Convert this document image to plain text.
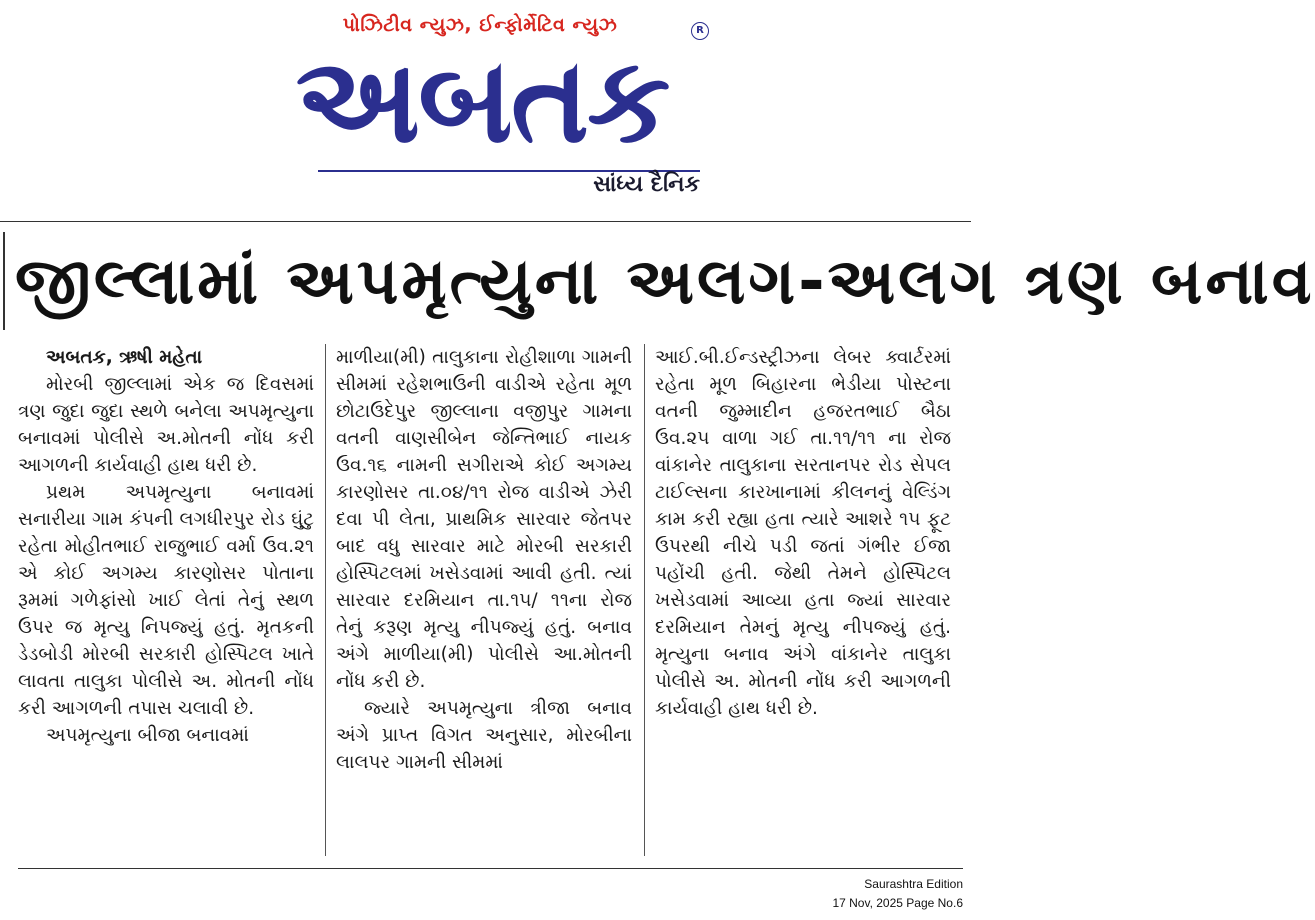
પોઝિટીવ ન્યુઝ, ઈન્ફોર્મેટિવ ન્યુઝ	R
અબતક
સાંધ્ય દૈનિક
જીલ્લામાં અપમૃત્યુના અલગ-અલગ ત્રણ બનાવ
અબતક, ઋષી મહેતા

મોરબી જીલ્લામાં એક જ દિવસમાં ત્રણ જુદા જુદા સ્થળે બનેલા અપમૃત્યુના બનાવમાં પોલીસે અ.મોતની નોંધ કરી આગળની કાર્યવાહી હાથ ધરી છે.

પ્રથમ અપમૃત્યુના બનાવમાં સનારીયા ગામ કંપની લગધીરપુર રોડ ઘુંટુ રહેતા મોહીતભાઈ રાજુભાઈ વર્મા ઉવ.૨૧ એ કોઈ અગમ્ય કારણોસર પોતાના રૂમમાં ગળેફાંસો ખાઈ લેતાં તેનું સ્થળ ઉપર જ મૃત્યુ નિપજ્યું હતું. મૃતકની ડેડબોડી મોરબી સરકારી હોસ્પિટલ ખાતે લાવતા તાલુકા પોલીસે અ. મોતની નોંધ કરી આગળની તપાસ ચલાવી છે.

અપમૃત્યુના બીજા બનાવમાં

માળીયા(મી) તાલુકાના રોહીશાળા ગામની સીમમાં રહેશભાઉની વાડીએ રહેતા મૂળ છોટાઉદેપુર જીલ્લાના વજીપુર ગામના વતની વાણસીબેન જેન્તિભાઈ નાયક ઉવ.૧૬ નામની સગીરાએ કોઈ અગમ્ય કારણોસર તા.૦૪/૧૧ રોજ વાડીએ ઝેરી દવા પી લેતા, પ્રાથમિક સારવાર જેતપર બાદ વધુ સારવાર માટે મોરબી સરકારી હોસ્પિટલમાં ખસેડવામાં આવી હતી. ત્યાં સારવાર દરમિયાન તા.૧૫/ ૧૧ના રોજ તેનું કરૂણ મૃત્યુ નીપજ્યું હતું. બનાવ અંગે માળીયા(મી) પોલીસે આ.મોતની નોંધ કરી છે.

જ્યારે અપમૃત્યુના ત્રીજા બનાવ અંગે પ્રાપ્ત વિગત અનુસાર, મોરબીના લાલપર ગામની સીમમાં

આઈ.બી.ઈન્ડસ્ટ્રીઝના લેબર ક્વાર્ટરમાં રહેતા મૂળ બિહારના ભેડીયા પોસ્ટના વતની જુમ્માદીન હજરતભાઈ બૈઠા ઉવ.૨૫ વાળા ગઈ તા.૧૧/૧૧ ના રોજ વાંકાનેર તાલુકાના સરતાનપર રોડ સેપલ ટાઈલ્સના કારખાનામાં કીલનનું વેલ્ડિંગ કામ કરી રહ્યા હતા ત્યારે આશરે ૧૫ ફૂટ ઉપરથી નીચે પડી જતાં ગંભીર ઈજા પહોંચી હતી. જેથી તેમને હોસ્પિટલ ખસેડવામાં આવ્યા હતા જ્યાં સારવાર દરમિયાન તેમનું મૃત્યુ નીપજ્યું હતું. મૃત્યુના બનાવ અંગે વાંકાનેર તાલુકા પોલીસે અ. મોતની નોંધ કરી આગળની કાર્યવાહી હાથ ધરી છે.

Saurashtra Edition
17 Nov, 2025 Page No.6
